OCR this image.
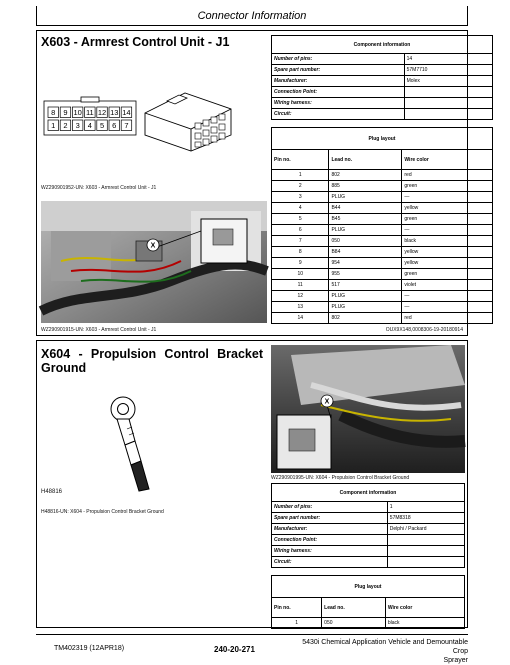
Connector Information
X603 - Armrest Control Unit - J1
8 9 10 11 12 13 14
1 2 3 4 5 6 7
WZ290901952-UN: X603 - Armrest Control Unit - J1
X
WZ290901915-UN: X603 - Armrest Control Unit - J1
Component information	
Number of pins:	14
Spare part number:	57M7710
Manufacturer:	Molex
Connection Point:	
Wiring harness:	
Circuit:	
Plug layout		
Pin no.	Lead no.	Wire color
1	802	red
2	885	green
3	PLUG	—
4	B44	yellow
5	B45	green
6	PLUG	—
7	050	black
8	B84	yellow
9	954	yellow
10	955	green
11	517	violet
12	PLUG	—
13	PLUG	—
14	802	red
OUX9X148,0008306-19-20180914
X604 - Propulsion Control Bracket Ground
H48816
H48816-UN: X604 - Propulsion Control Bracket Ground
X
WZ290901995-UN: X604 - Propulsion Control Bracket Ground
Component information	
Number of pins:	1
Spare part number:	57M8318
Manufacturer:	Delphi / Packard
Connection Point:	
Wiring harness:	
Circuit:	
Plug layout		
Pin no.	Lead no.	Wire color
1	050	black
TM402319 (12APR18)	240-20-271
5430i Chemical Application Vehicle and Demountable Crop
Sprayer
